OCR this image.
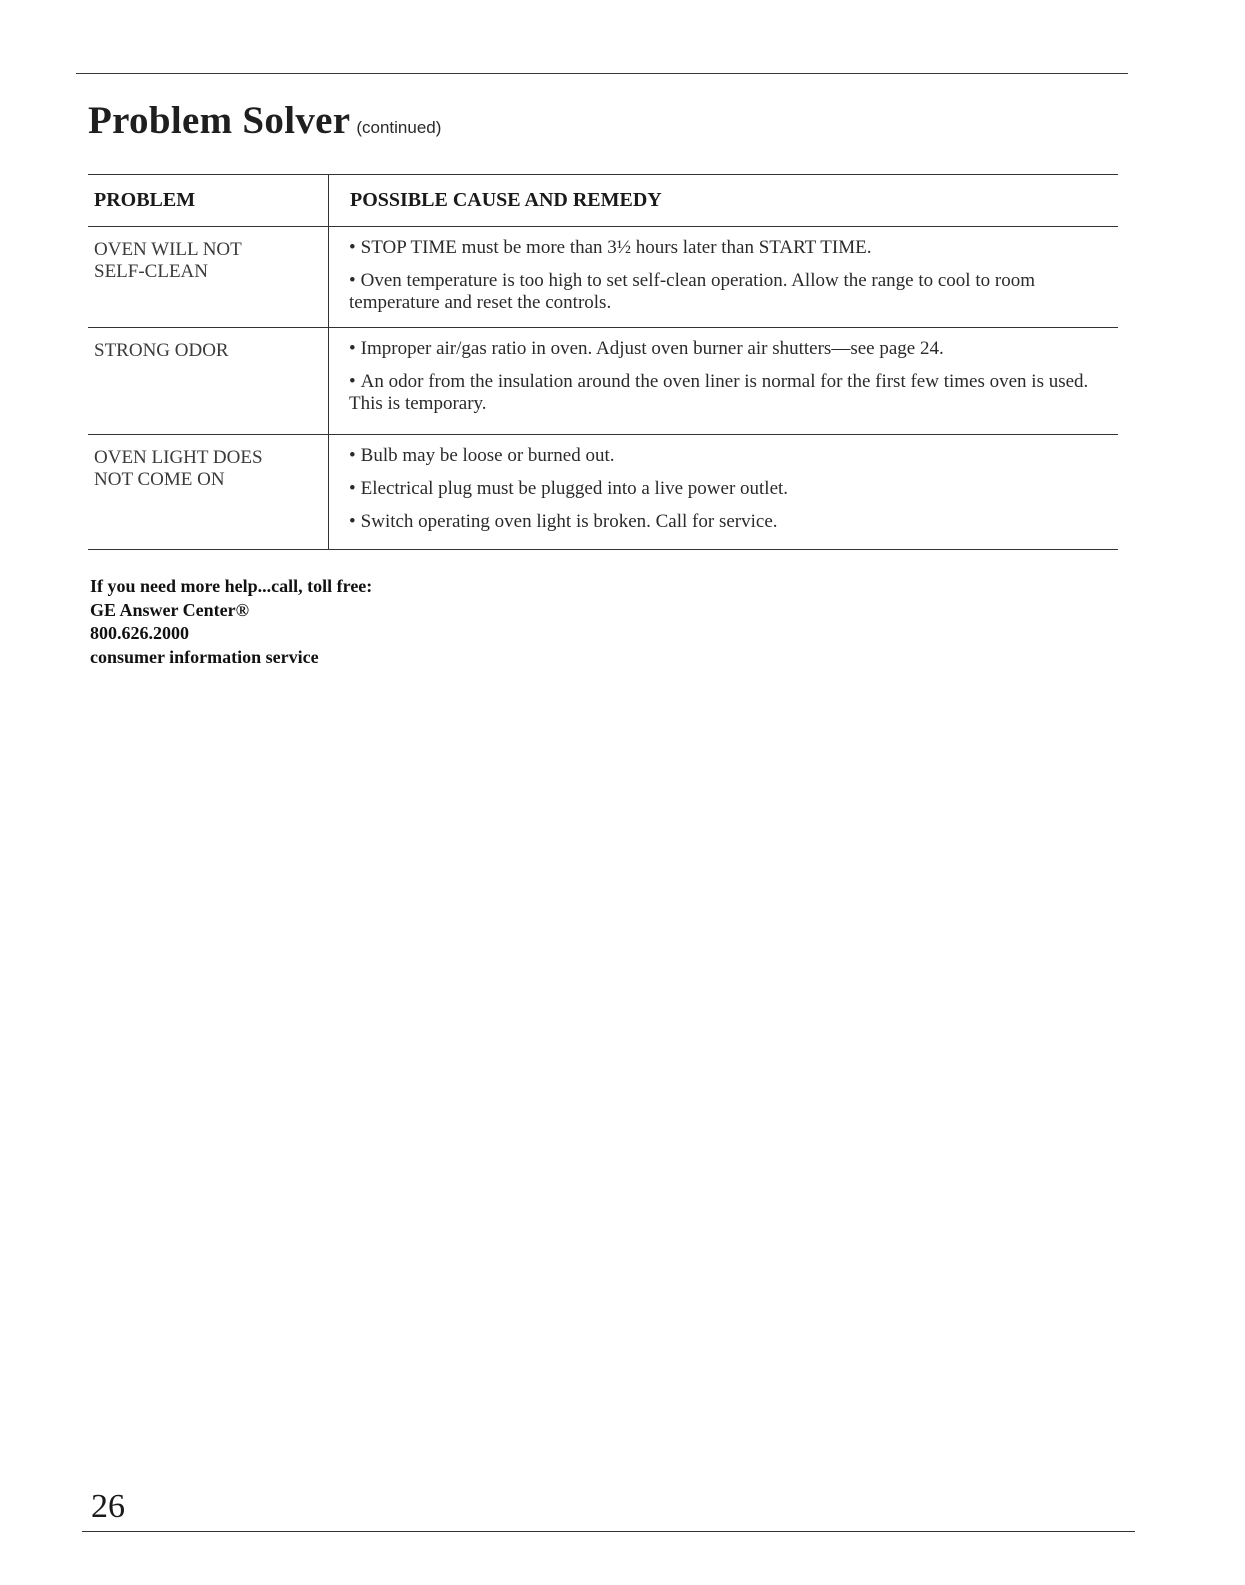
Problem Solver (continued)
PROBLEM	POSSIBLE CAUSE AND REMEDY
OVEN WILL NOT
SELF-CLEAN

• STOP TIME must be more than 3½ hours later than START TIME.

• Oven temperature is too high to set self-clean operation. Allow the range to cool to room temperature and reset the controls.

STRONG ODOR	• Improper air/gas ratio in oven. Adjust oven burner air shutters—see page 24.

• An odor from the insulation around the oven liner is normal for the first few times oven is used. This is temporary.

OVEN LIGHT DOES
NOT COME ON

• Bulb may be loose or burned out.

• Electrical plug must be plugged into a live power outlet.

• Switch operating oven light is broken. Call for service.

If you need more help...call, toll free:
GE Answer Center®
800.626.2000
consumer information service
26
